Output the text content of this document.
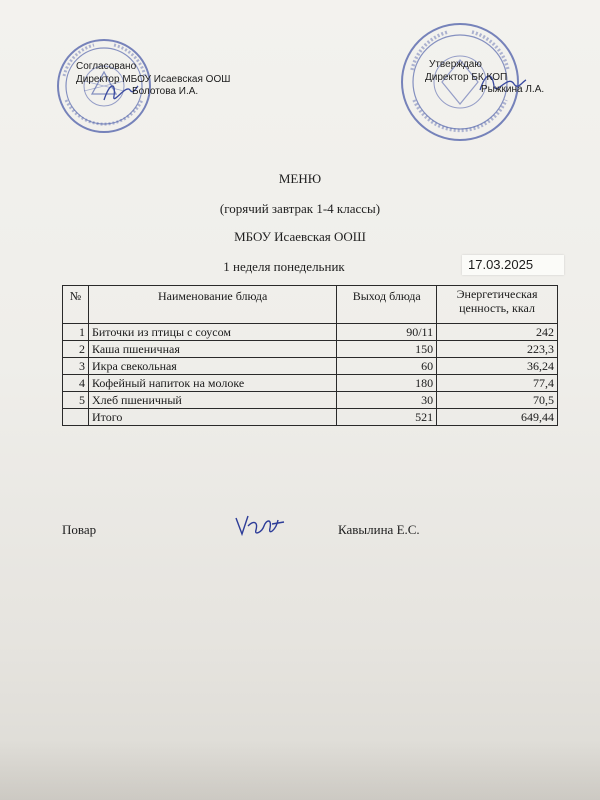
Согласовано
Директор МБОУ Исаевская ООШ
Болотова И.А.
Утверждаю
Директор БК КОП
Рыжкина Л.А.
МЕНЮ
(горячий завтрак 1-4 классы)
МБОУ Исаевская ООШ
1 неделя понедельник	17.03.2025
№	Наименование блюда	Выход блюда	Энергетическая ценность, ккал
1	Биточки из птицы с соусом	90/11	242
2	Каша пшеничная	150	223,3
3	Икра свекольная	60	36,24
4	Кофейный напиток на молоке	180	77,4
5	Хлеб пшеничный	30	70,5
	Итого	521	649,44
Повар	Кавылина Е.С.
